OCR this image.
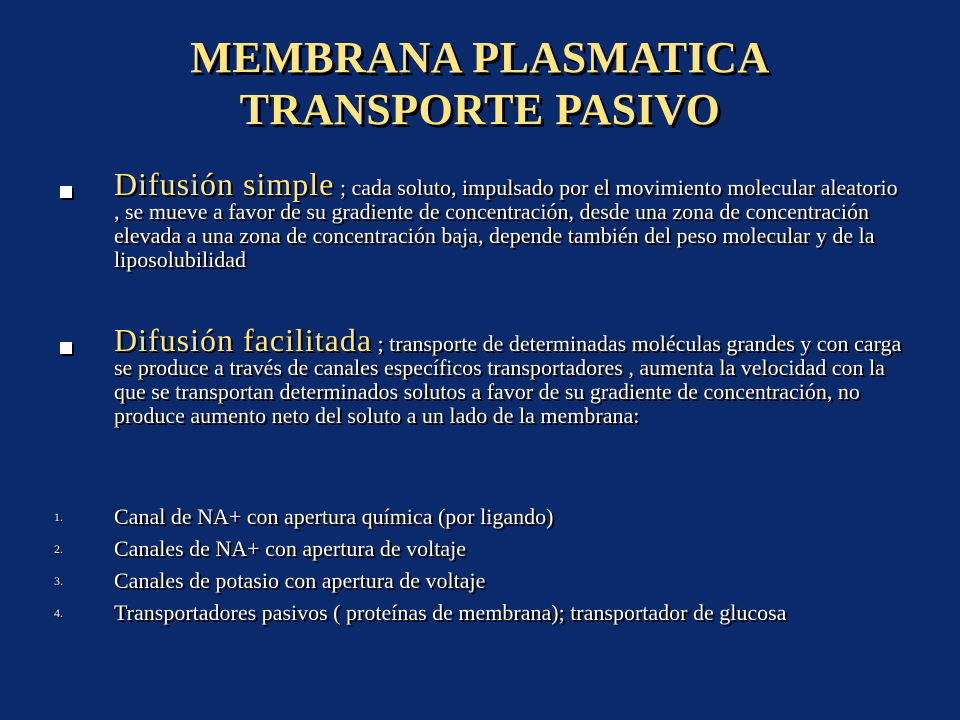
MEMBRANA PLASMATICA
TRANSPORTE PASIVO
Difusión simple ; cada soluto, impulsado por el movimiento molecular aleatorio , se mueve a favor de su gradiente de concentración, desde una zona de concentración elevada a una zona de concentración baja, depende también del peso molecular y de la liposolubilidad
Difusión facilitada ; transporte de determinadas moléculas grandes y con carga se produce a través de canales específicos transportadores , aumenta la velocidad con la que se transportan determinados solutos a favor de su gradiente de concentración, no produce aumento neto del soluto a un lado de la membrana:
1. Canal de NA+ con apertura química (por ligando)
2. Canales de NA+ con apertura de voltaje
3. Canales de potasio con apertura de voltaje
4. Transportadores pasivos ( proteínas de membrana); transportador de glucosa
